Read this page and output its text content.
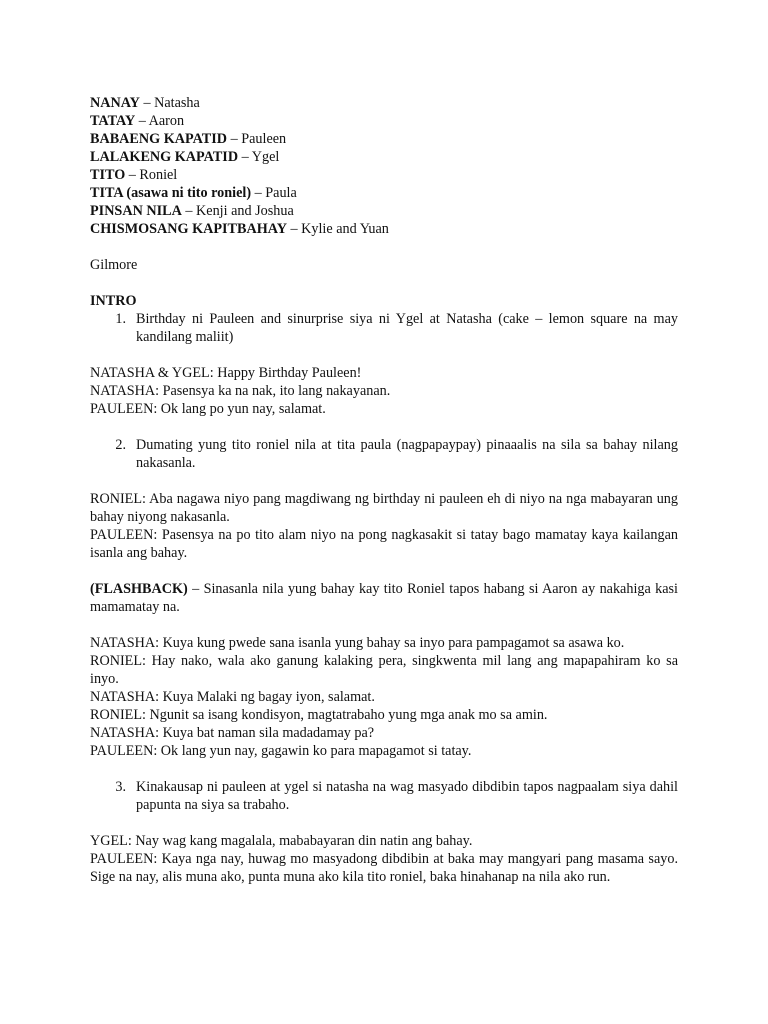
NANAY – Natasha
TATAY – Aaron
BABAENG KAPATID – Pauleen
LALAKENG KAPATID – Ygel
TITO – Roniel
TITA (asawa ni tito roniel) – Paula
PINSAN NILA – Kenji and Joshua
CHISMOSANG KAPITBAHAY – Kylie and Yuan

Gilmore

INTRO

1. Birthday ni Pauleen and sinurprise siya ni Ygel at Natasha (cake – lemon square na may kandilang maliit)

NATASHA & YGEL: Happy Birthday Pauleen!

NATASHA: Pasensya ka na nak, ito lang nakayanan.

PAULEEN: Ok lang po yun nay, salamat.

2. Dumating yung tito roniel nila at tita paula (nagpapaypay) pinaaalis na sila sa bahay nilang nakasanla.

RONIEL: Aba nagawa niyo pang magdiwang ng birthday ni pauleen eh di niyo na nga mabayaran ung bahay niyong nakasanla.

PAULEEN: Pasensya na po tito alam niyo na pong nagkasakit si tatay bago mamatay kaya kailangan isanla ang bahay.

(FLASHBACK) – Sinasanla nila yung bahay kay tito Roniel tapos habang si Aaron ay nakahiga kasi mamamatay na.

NATASHA: Kuya kung pwede sana isanla yung bahay sa inyo para pampagamot sa asawa ko.

RONIEL: Hay nako, wala ako ganung kalaking pera, singkwenta mil lang ang mapapahiram ko sa inyo.

NATASHA: Kuya Malaki ng bagay iyon, salamat.

RONIEL: Ngunit sa isang kondisyon, magtatrabaho yung mga anak mo sa amin.

NATASHA: Kuya bat naman sila madadamay pa?

PAULEEN: Ok lang yun nay, gagawin ko para mapagamot si tatay.

3. Kinakausap ni pauleen at ygel si natasha na wag masyado dibdibin tapos nagpaalam siya dahil papunta na siya sa trabaho.

YGEL: Nay wag kang magalala, mababayaran din natin ang bahay.

PAULEEN: Kaya nga nay, huwag mo masyadong dibdibin at baka may mangyari pang masama sayo. Sige na nay, alis muna ako, punta muna ako kila tito roniel, baka hinahanap na nila ako run.
